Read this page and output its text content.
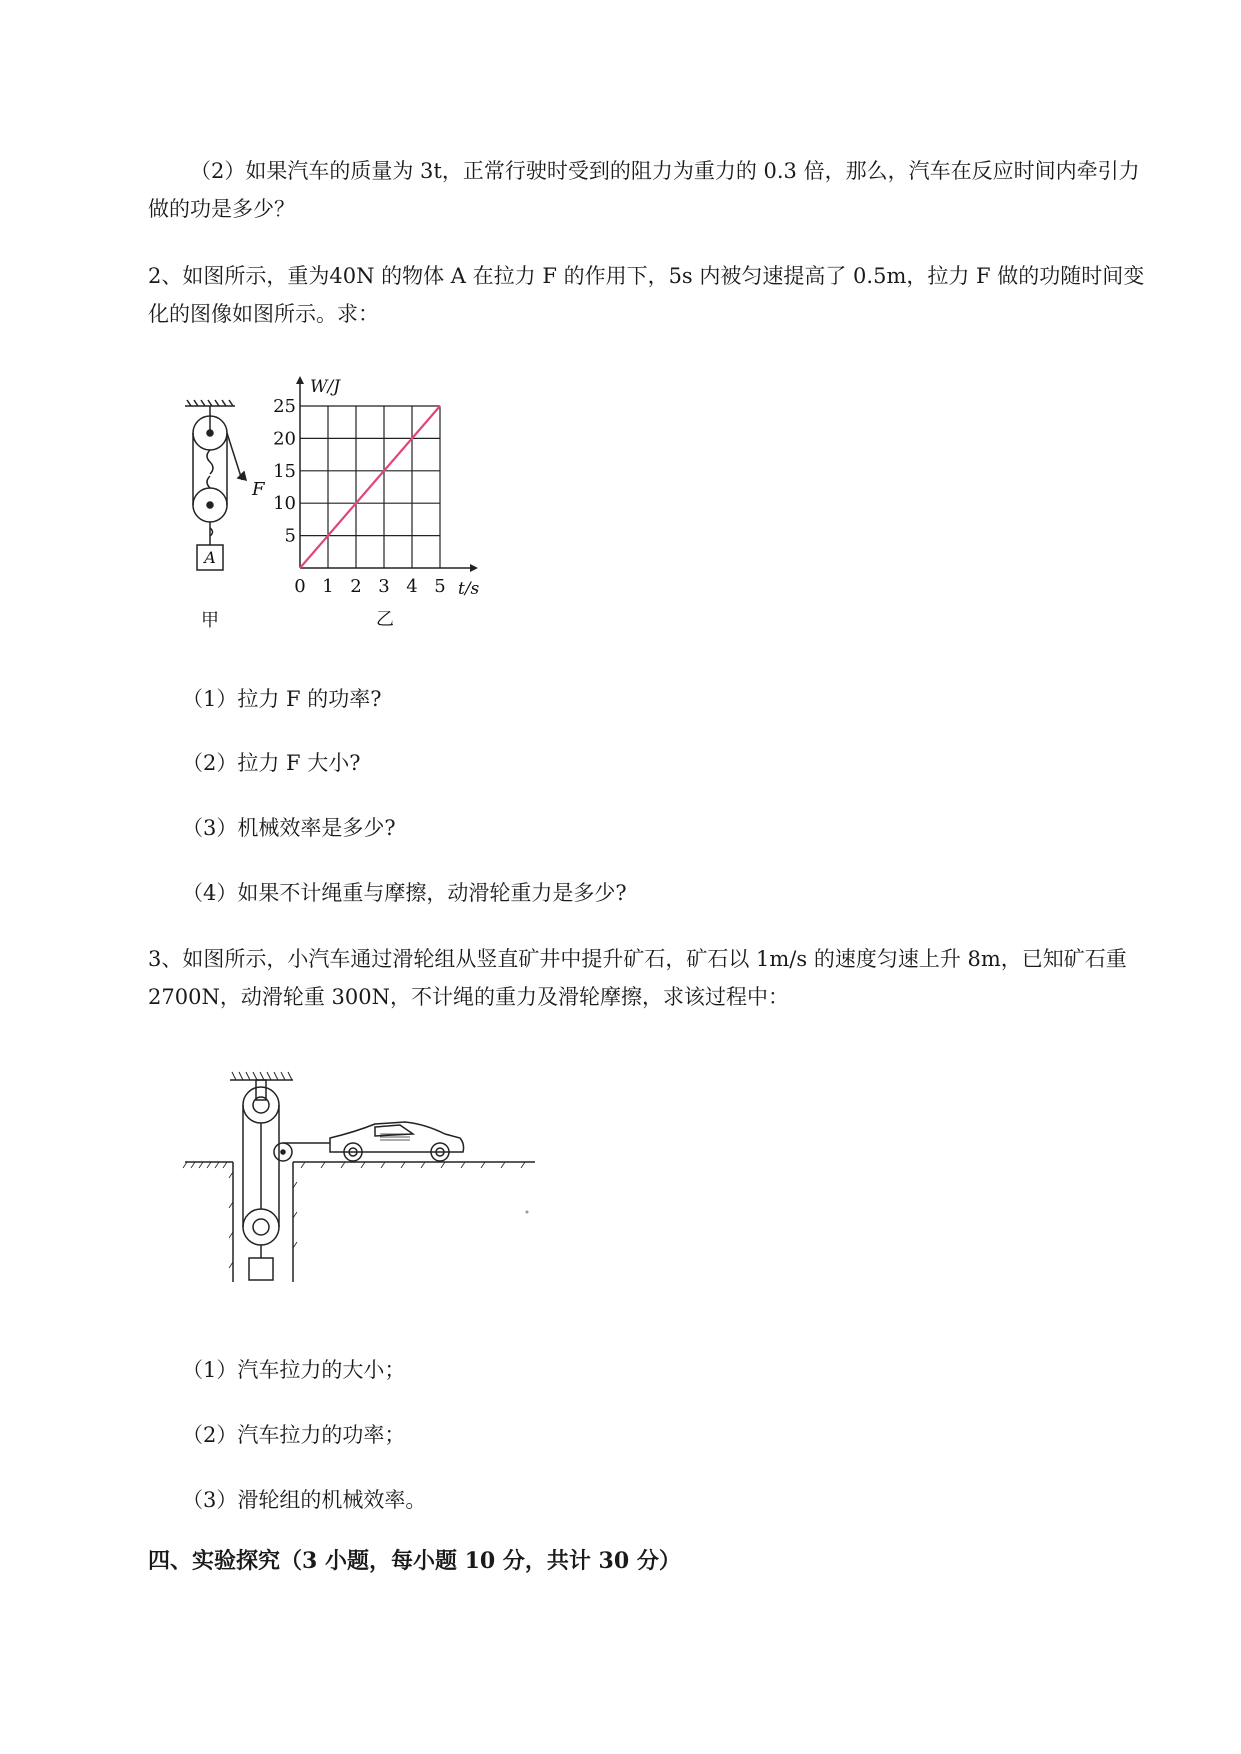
（2）如果汽车的质量为 3t，正常行驶时受到的阻力为重力的 0.3 倍，那么，汽车在反应时间内牵引力做的功是多少？

2、如图所示，重为40N 的物体 A 在拉力 F 的作用下，5s 内被匀速提高了 0.5m，拉力 F 做的功随时间变化的图像如图所示。求：

F
A
甲
0 1 2 3 4 5
5
10
15
20
25
W/J
t/s
乙

（1）拉力 F 的功率?

（2）拉力 F 大小?

（3）机械效率是多少?

（4）如果不计绳重与摩擦，动滑轮重力是多少?

3、如图所示，小汽车通过滑轮组从竖直矿井中提升矿石，矿石以 1m/s 的速度匀速上升 8m，已知矿石重 2700N，动滑轮重 300N，不计绳的重力及滑轮摩擦，求该过程中：

（1）汽车拉力的大小；

（2）汽车拉力的功率；

（3）滑轮组的机械效率。

四、实验探究（3 小题，每小题 10 分，共计 30 分）
